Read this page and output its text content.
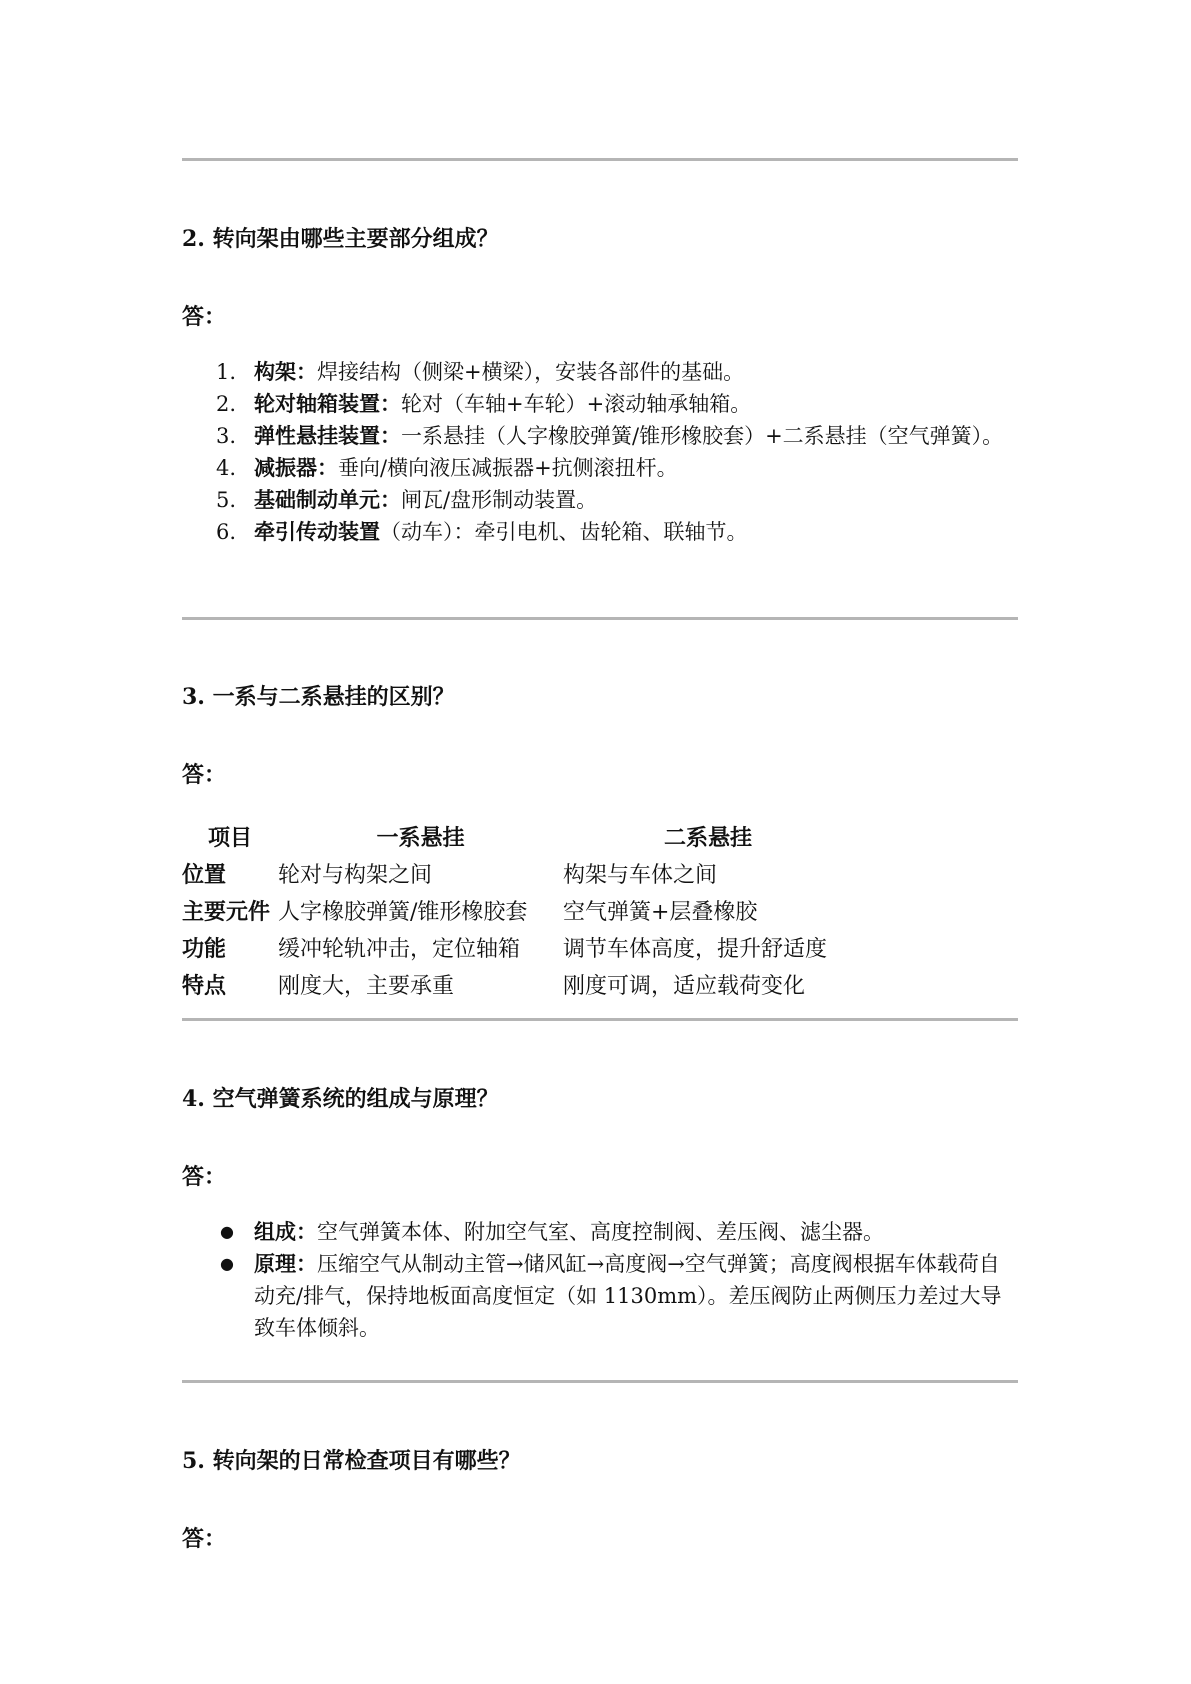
2. 转向架由哪些主要部分组成？

答：

1. 构架：焊接结构（侧梁+横梁），安装各部件的基础。
2. 轮对轴箱装置：轮对（车轴+车轮）+滚动轴承轴箱。
3. 弹性悬挂装置：一系悬挂（人字橡胶弹簧/锥形橡胶套）+二系悬挂（空气弹簧）。
4. 减振器：垂向/横向液压减振器+抗侧滚扭杆。
5. 基础制动单元：闸瓦/盘形制动装置。
6. 牵引传动装置（动车）：牵引电机、齿轮箱、联轴节。
3. 一系与二系悬挂的区别？

答：

项目	一系悬挂	二系悬挂
位置	轮对与构架之间	构架与车体之间
主要元件	人字橡胶弹簧/锥形橡胶套	空气弹簧+层叠橡胶
功能	缓冲轮轨冲击，定位轴箱	调节车体高度，提升舒适度
特点	刚度大，主要承重	刚度可调，适应载荷变化
4. 空气弹簧系统的组成与原理？

答：

● 组成：空气弹簧本体、附加空气室、高度控制阀、差压阀、滤尘器。
● 原理：压缩空气从制动主管→储风缸→高度阀→空气弹簧；高度阀根据车体载荷自动充/排气，保持地板面高度恒定（如 1130mm）。差压阀防止两侧压力差过大导致车体倾斜。
5. 转向架的日常检查项目有哪些？

答：
